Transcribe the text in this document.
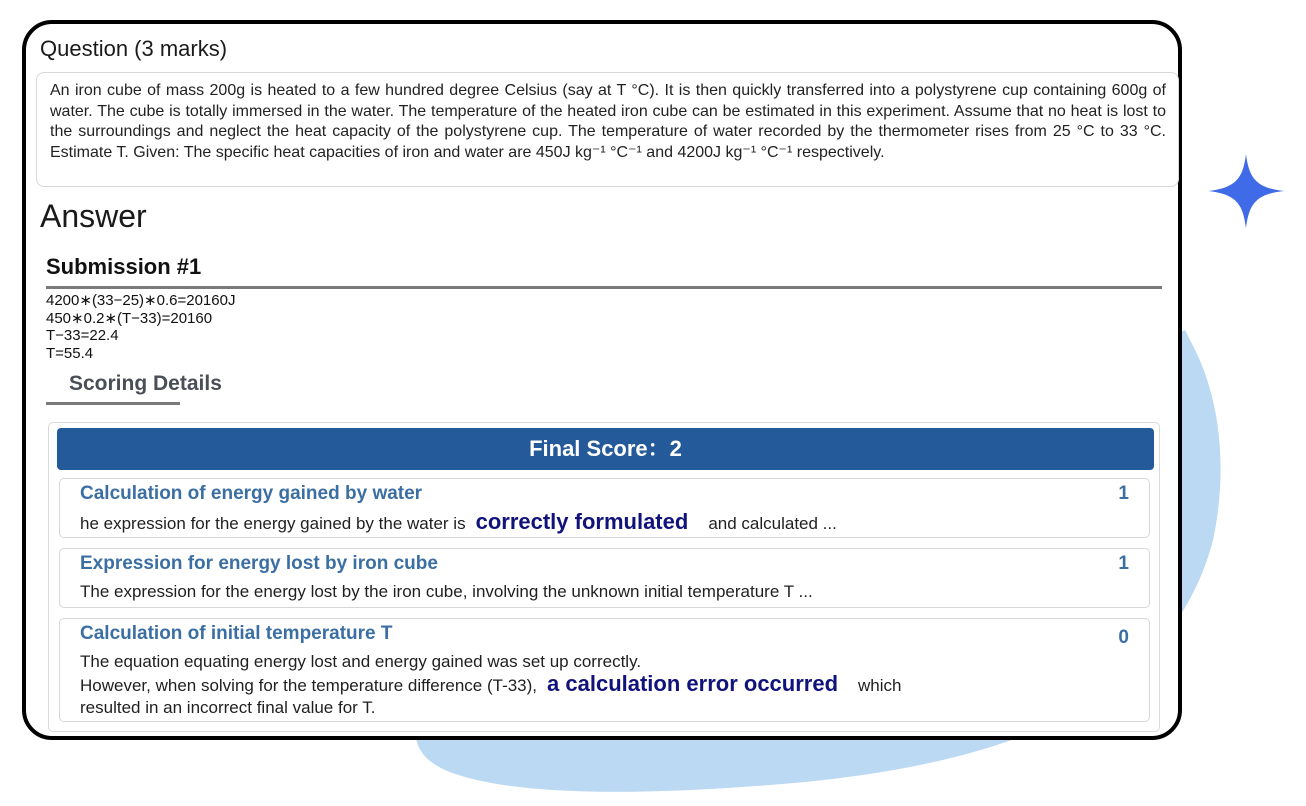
Question (3 marks)
An iron cube of mass 200g is heated to a few hundred degree Celsius (say at T °C). It is then quickly transferred into a polystyrene cup containing 600g of water. The cube is totally immersed in the water. The temperature of the heated iron cube can be estimated in this experiment. Assume that no heat is lost to the surroundings and neglect the heat capacity of the polystyrene cup. The temperature of water recorded by the thermometer rises from 25 °C to 33 °C. Estimate T. Given: The specific heat capacities of iron and water are 450J kg⁻¹ °C⁻¹ and 4200J kg⁻¹ °C⁻¹ respectively.
Answer
Submission #1
4200∗(33−25)∗0.6=20160J
450∗0.2∗(T−33)=20160
T−33=22.4
T=55.4
Scoring Details
Final Score：2
Calculation of energy gained by water	1
he expression for the energy gained by the water is correctly formulated and calculated ...
Expression for energy lost by iron cube	1
The expression for the energy lost by the iron cube, involving the unknown initial temperature T ...
Calculation of initial temperature T	0
The equation equating energy lost and energy gained was set up correctly.
However, when solving for the temperature difference (T-33), a calculation error occurred which
resulted in an incorrect final value for T.
